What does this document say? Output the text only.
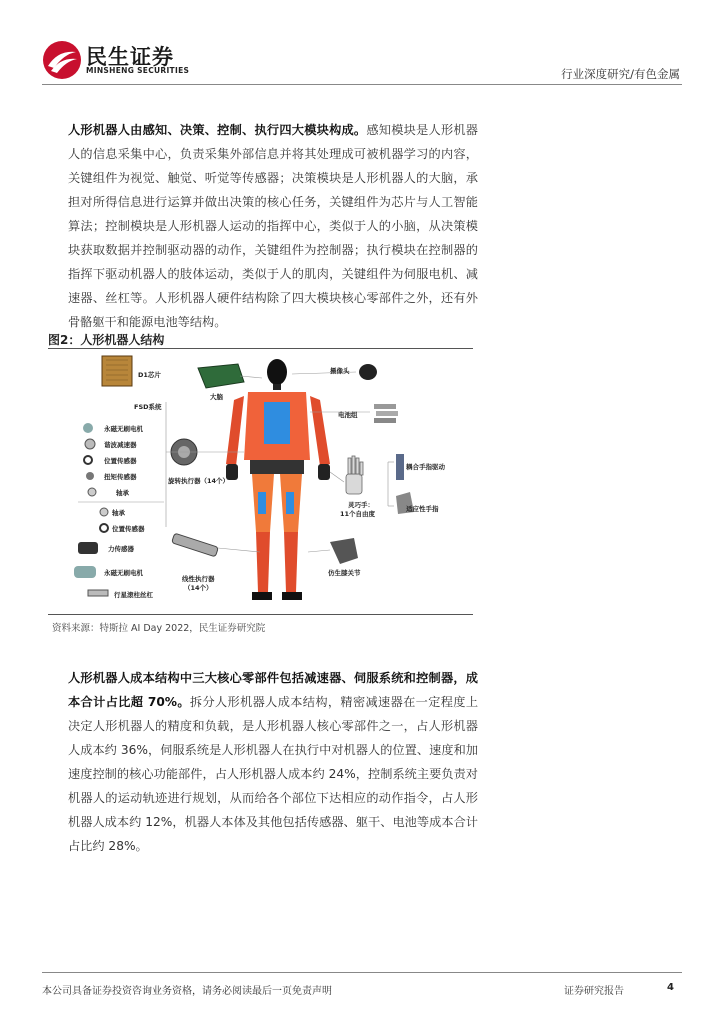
民生证券
MINSHENG SECURITIES	行业深度研究/有色金属
人形机器人由感知、决策、控制、执行四大模块构成。感知模块是人形机器人的信息采集中心，负责采集外部信息并将其处理成可被机器学习的内容，关键组件为视觉、触觉、听觉等传感器；决策模块是人形机器人的大脑，承担对所得信息进行运算并做出决策的核心任务，关键组件为芯片与人工智能算法；控制模块是人形机器人运动的指挥中心，类似于人的小脑，从决策模块获取数据并控制驱动器的动作，关键组件为控制器；执行模块在控制器的指挥下驱动机器人的肢体运动，类似于人的肌肉，关键组件为伺服电机、减速器、丝杠等。人形机器人硬件结构除了四大模块核心零部件之外，还有外骨骼躯干和能源电池等结构。
图2：人形机器人结构
D1芯片
FSD系统
大脑
摄像头
电池组
永磁无刷电机
谐波减速器
位置传感器
扭矩传感器
轴承
旋转执行器（14个）
灵巧手：
11个自由度
耦合手指驱动
适应性手指
轴承
位置传感器
力传感器
永磁无刷电机
行星滚柱丝杠
线性执行器
（14个）
仿生膝关节
资料来源：特斯拉 AI Day 2022，民生证券研究院
人形机器人成本结构中三大核心零部件包括减速器、伺服系统和控制器，成本合计占比超 70%。拆分人形机器人成本结构，精密减速器在一定程度上决定人形机器人的精度和负载，是人形机器人核心零部件之一，占人形机器人成本约 36%，伺服系统是人形机器人在执行中对机器人的位置、速度和加速度控制的核心功能部件，占人形机器人成本约 24%，控制系统主要负责对机器人的运动轨迹进行规划，从而给各个部位下达相应的动作指令，占人形机器人成本约 12%，机器人本体及其他包括传感器、躯干、电池等成本合计占比约 28%。
本公司具备证券投资咨询业务资格，请务必阅读最后一页免责声明	证券研究报告	4
